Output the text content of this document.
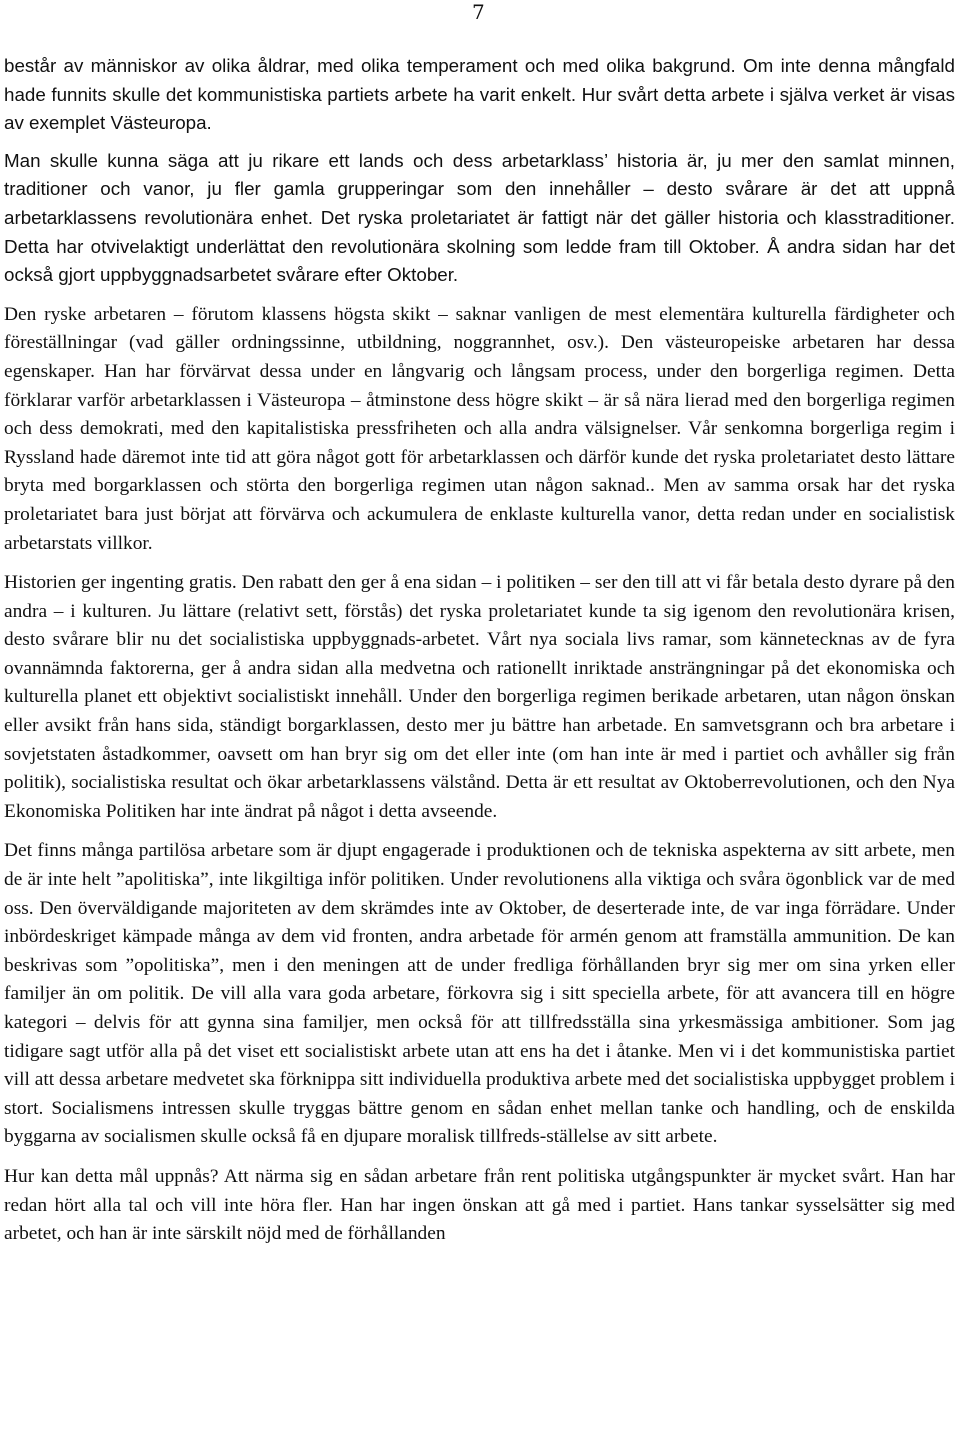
7

består av människor av olika åldrar, med olika temperament och med olika bakgrund. Om inte denna mångfald hade funnits skulle det kommunistiska partiets arbete ha varit enkelt. Hur svårt detta arbete i själva verket är visas av exemplet Västeuropa.

Man skulle kunna säga att ju rikare ett lands och dess arbetarklass’ historia är, ju mer den samlat minnen, traditioner och vanor, ju fler gamla grupperingar som den innehåller – desto svårare är det att uppnå arbetarklassens revolutionära enhet. Det ryska proletariatet är fattigt när det gäller historia och klasstraditioner. Detta har otvivelaktigt underlättat den revolutionära skolning som ledde fram till Oktober. Å andra sidan har det också gjort uppbyggnadsarbetet svårare efter Oktober.

Den ryske arbetaren – förutom klassens högsta skikt – saknar vanligen de mest elementära kulturella färdigheter och föreställningar (vad gäller ordningssinne, utbildning, noggrannhet, osv.). Den västeuropeiske arbetaren har dessa egenskaper. Han har förvärvat dessa under en långvarig och långsam process, under den borgerliga regimen. Detta förklarar varför arbetarklassen i Västeuropa – åtminstone dess högre skikt – är så nära lierad med den borgerliga regimen och dess demokrati, med den kapitalistiska pressfriheten och alla andra välsignelser. Vår senkomna borgerliga regim i Ryssland hade däremot inte tid att göra något gott för arbetarklassen och därför kunde det ryska proletariatet desto lättare bryta med borgarklassen och störta den borgerliga regimen utan någon saknad.. Men av samma orsak har det ryska proletariatet bara just börjat att förvärva och ackumulera de enklaste kulturella vanor, detta redan under en socialistisk arbetarstats villkor.

Historien ger ingenting gratis. Den rabatt den ger å ena sidan – i politiken – ser den till att vi får betala desto dyrare på den andra – i kulturen. Ju lättare (relativt sett, förstås) det ryska proletariatet kunde ta sig igenom den revolutionära krisen, desto svårare blir nu det socialistiska uppbyggnads-arbetet. Vårt nya sociala livs ramar, som kännetecknas av de fyra ovannämnda faktorerna, ger å andra sidan alla medvetna och rationellt inriktade ansträngningar på det ekonomiska och kulturella planet ett objektivt socialistiskt innehåll. Under den borgerliga regimen berikade arbetaren, utan någon önskan eller avsikt från hans sida, ständigt borgarklassen, desto mer ju bättre han arbetade. En samvetsgrann och bra arbetare i sovjetstaten åstadkommer, oavsett om han bryr sig om det eller inte (om han inte är med i partiet och avhåller sig från politik), socialistiska resultat och ökar arbetarklassens välstånd. Detta är ett resultat av Oktoberrevolutionen, och den Nya Ekonomiska Politiken har inte ändrat på något i detta avseende.

Det finns många partilösa arbetare som är djupt engagerade i produktionen och de tekniska aspekterna av sitt arbete, men de är inte helt ”apolitiska”, inte likgiltiga inför politiken. Under revolutionens alla viktiga och svåra ögonblick var de med oss. Den överväldigande majoriteten av dem skrämdes inte av Oktober, de deserterade inte, de var inga förrädare. Under inbördeskriget kämpade många av dem vid fronten, andra arbetade för armén genom att framställa ammunition. De kan beskrivas som ”opolitiska”, men i den meningen att de under fredliga förhållanden bryr sig mer om sina yrken eller familjer än om politik. De vill alla vara goda arbetare, förkovra sig i sitt speciella arbete, för att avancera till en högre kategori – delvis för att gynna sina familjer, men också för att tillfredsställa sina yrkesmässiga ambitioner. Som jag tidigare sagt utför alla på det viset ett socialistiskt arbete utan att ens ha det i åtanke. Men vi i det kommunistiska partiet vill att dessa arbetare medvetet ska förknippa sitt individuella produktiva arbete med det socialistiska uppbygget problem i stort. Socialismens intressen skulle tryggas bättre genom en sådan enhet mellan tanke och handling, och de enskilda byggarna av socialismen skulle också få en djupare moralisk tillfreds-ställelse av sitt arbete.

Hur kan detta mål uppnås? Att närma sig en sådan arbetare från rent politiska utgångspunkter är mycket svårt. Han har redan hört alla tal och vill inte höra fler. Han har ingen önskan att gå med i partiet. Hans tankar sysselsätter sig med arbetet, och han är inte särskilt nöjd med de förhållanden
